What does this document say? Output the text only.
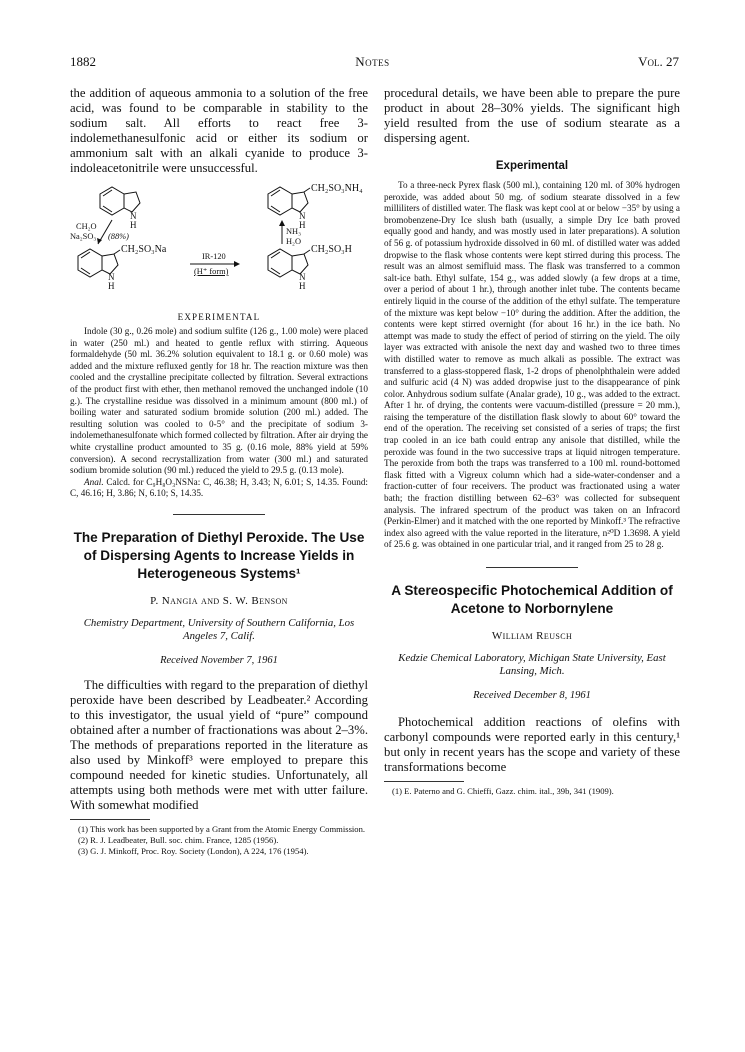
1882	Notes	Vol. 27

the addition of aqueous ammonia to a solution of the free acid, was found to be comparable in stability to the sodium salt. All efforts to react free 3-indolemethanesulfonic acid or either its sodium or ammonium salt with an alkali cyanide to produce 3-indoleacetonitrile were unsuccessful.

CH₂SO₃NH₄
N
H
N
H
CH₂O
Na₂SO₃ (88%)
NH₃
H₂O
CH₂SO₃Na
N
H
IR-120
(H⁺ form)
CH₂SO₃H
N
H
EXPERIMENTAL

Indole (30 g., 0.26 mole) and sodium sulfite (126 g., 1.00 mole) were placed in water (250 ml.) and heated to gentle reflux with stirring. Aqueous formaldehyde (50 ml. 36.2% solution equivalent to 18.1 g. or 0.60 mole) was added and the mixture refluxed gently for 18 hr. The reaction mixture was then cooled and the crystalline precipitate collected by filtration. Several extractions of the product first with ether, then methanol removed the unchanged indole (10 g.). The crystalline residue was dissolved in a minimum amount (800 ml.) of boiling water and saturated sodium bromide solution (200 ml.) added. The resulting solution was cooled to 0-5° and the precipitate of sodium 3-indolemethanesulfonate which formed collected by filtration. After air drying the white crystalline product amounted to 35 g. (0.16 mole, 88% yield at 59% conversion). A second recrystallization from water (300 ml.) and saturated sodium bromide solution (90 ml.) reduced the yield to 29.5 g. (0.13 mole).

Anal. Calcd. for C₉H₈O₃NSNa: C, 46.38; H, 3.43; N, 6.01; S, 14.35. Found: C, 46.16; H, 3.86; N, 6.10; S, 14.35.

The Preparation of Diethyl Peroxide. The Use of Dispersing Agents to Increase Yields in Heterogeneous Systems¹

P. Nangia and S. W. Benson

Chemistry Department, University of Southern California, Los Angeles 7, Calif.

Received November 7, 1961

The difficulties with regard to the preparation of diethyl peroxide have been described by Leadbeater.² According to this investigator, the usual yield of “pure” compound obtained after a number of fractionations was about 2–3%. The methods of preparations reported in the literature as also used by Minkoff³ were employed to prepare this compound needed for kinetic studies. Unfortunately, all attempts using both methods were met with utter failure. With somewhat modified

(1) This work has been supported by a Grant from the Atomic Energy Commission.

(2) R. J. Leadbeater, Bull. soc. chim. France, 1285 (1956).

(3) G. J. Minkoff, Proc. Roy. Society (London), A 224, 176 (1954).

procedural details, we have been able to prepare the pure product in about 28–30% yields. The significant high yield resulted from the use of sodium stearate as a dispersing agent.

Experimental

To a three-neck Pyrex flask (500 ml.), containing 120 ml. of 30% hydrogen peroxide, was added about 50 mg. of sodium stearate dissolved in a few milliliters of distilled water. The flask was kept cool at or below −35° by using a bromobenzene-Dry Ice slush bath (usually, a simple Dry Ice bath proved equally good and handy, and was mostly used in later preparations). A solution of 56 g. of potassium hydroxide dissolved in 60 ml. of distilled water was added dropwise to the flask whose contents were kept stirred during this process. The result was an almost semifluid mass. The flask was transferred to a common salt-ice bath. Ethyl sulfate, 154 g., was added slowly (a few drops at a time, over a period of about 1 hr.), through another inlet tube. The contents became entirely liquid in the course of the addition of the ethyl sulfate. The temperature of the mixture was kept below −10° during the addition. After the addition, the contents were kept stirred overnight (for about 16 hr.) in the ice bath. No attempt was made to study the effect of period of stirring on the yield. The oily layer was extracted with anisole the next day and washed two to three times with distilled water to remove as much alkali as possible. The extract was transferred to a glass-stoppered flask, 1-2 drops of phenolphthalein were added and sulfuric acid (4 N) was added dropwise just to the disappearance of pink color. Anhydrous sodium sulfate (Analar grade), 10 g., was added to the extract. After 1 hr. of drying, the contents were vacuum-distilled (pressure = 20 mm.), raising the temperature of the distillation flask slowly to about 60° toward the end of the operation. The receiving set consisted of a series of traps; the first trap cooled in an ice bath could entrap any anisole that distilled, while the peroxide was found in the two successive traps at liquid nitrogen temperature. The peroxide from both the traps was transferred to a 100 ml. round-bottomed flask fitted with a Vigreux column which had a side-water-condenser and a fraction-cutter of four receivers. The product was fractionated using a water bath; the fraction distilling between 62–63° was collected for subsequent analysis. The infrared spectrum of the product was taken on an Infracord (Perkin-Elmer) and it matched with the one reported by Minkoff.³ The refractive index also agreed with the value reported in the literature, n²⁰D 1.3698. A yield of 25.6 g. was obtained in one particular trial, and it ranged from 25 to 28 g.

A Stereospecific Photochemical Addition of Acetone to Norbornylene

William Reusch

Kedzie Chemical Laboratory, Michigan State University, East Lansing, Mich.

Received December 8, 1961

Photochemical addition reactions of olefins with carbonyl compounds were reported early in this century,¹ but only in recent years has the scope and variety of these transformations become

(1) E. Paterno and G. Chieffi, Gazz. chim. ital., 39b, 341 (1909).
